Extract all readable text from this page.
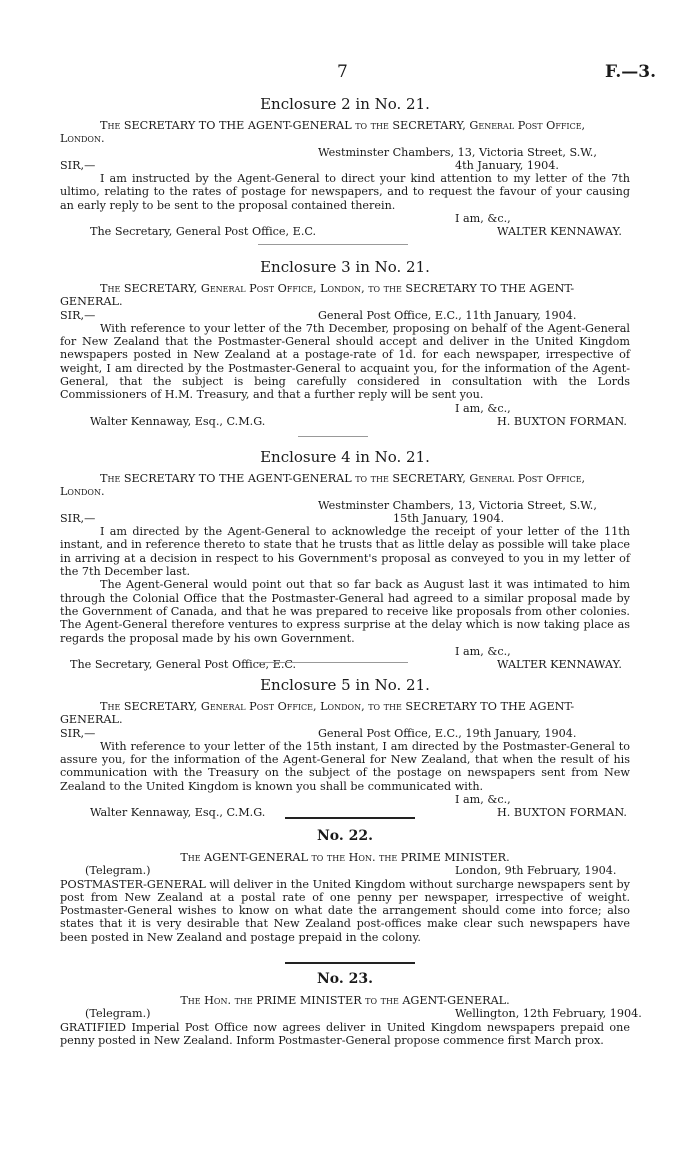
7	F.—3.
Enclosure 2 in No. 21.
The SECRETARY TO THE AGENT-GENERAL to the SECRETARY, General Post Office, London.
Westminster Chambers, 13, Victoria Street, S.W.,
SIR,—	4th January, 1904.

I am instructed by the Agent-General to direct your kind attention to my letter of the 7th ultimo, relating to the rates of postage for newspapers, and to request the favour of your causing an early reply to be sent to the proposal contained therein.

I am, &c.,
The Secretary, General Post Office, E.C.	WALTER KENNAWAY.
Enclosure 3 in No. 21.
The SECRETARY, General Post Office, London, to the SECRETARY TO THE AGENT-GENERAL.
SIR,—	General Post Office, E.C., 11th January, 1904.

With reference to your letter of the 7th December, proposing on behalf of the Agent-General for New Zealand that the Postmaster-General should accept and deliver in the United Kingdom newspapers posted in New Zealand at a postage-rate of 1d. for each newspaper, irrespective of weight, I am directed by the Postmaster-General to acquaint you, for the information of the Agent-General, that the subject is being carefully considered in consultation with the Lords Commissioners of H.M. Treasury, and that a further reply will be sent you.

I am, &c.,
Walter Kennaway, Esq., C.M.G.	H. BUXTON FORMAN.
Enclosure 4 in No. 21.
The SECRETARY TO THE AGENT-GENERAL to the SECRETARY, General Post Office, London.
Westminster Chambers, 13, Victoria Street, S.W.,
SIR,—	15th January, 1904.

I am directed by the Agent-General to acknowledge the receipt of your letter of the 11th instant, and in reference thereto to state that he trusts that as little delay as possible will take place in arriving at a decision in respect to his Government's proposal as conveyed to you in my letter of the 7th December last.

The Agent-General would point out that so far back as August last it was intimated to him through the Colonial Office that the Postmaster-General had agreed to a similar proposal made by the Government of Canada, and that he was prepared to receive like proposals from other colonies. The Agent-General therefore ventures to express surprise at the delay which is now taking place as regards the proposal made by his own Government.

I am, &c.,
The Secretary, General Post Office, E.C.	WALTER KENNAWAY.
Enclosure 5 in No. 21.
The SECRETARY, General Post Office, London, to the SECRETARY TO THE AGENT-GENERAL.
SIR,—	General Post Office, E.C., 19th January, 1904.

With reference to your letter of the 15th instant, I am directed by the Postmaster-General to assure you, for the information of the Agent-General for New Zealand, that when the result of his communication with the Treasury on the subject of the postage on newspapers sent from New Zealand to the United Kingdom is known you shall be communicated with.

I am, &c.,
Walter Kennaway, Esq., C.M.G.	H. BUXTON FORMAN.
No. 22.
The AGENT-GENERAL to the Hon. the PRIME MINISTER.
(Telegram.)	London, 9th February, 1904.

POSTMASTER-GENERAL will deliver in the United Kingdom without surcharge newspapers sent by post from New Zealand at a postal rate of one penny per newspaper, irrespective of weight. Postmaster-General wishes to know on what date the arrangement should come into force; also states that it is very desirable that New Zealand post-offices make clear such newspapers have been posted in New Zealand and postage prepaid in the colony.

No. 23.
The Hon. the PRIME MINISTER to the AGENT-GENERAL.
(Telegram.)	Wellington, 12th February, 1904.

GRATIFIED Imperial Post Office now agrees deliver in United Kingdom newspapers prepaid one penny posted in New Zealand. Inform Postmaster-General propose commence first March prox.
